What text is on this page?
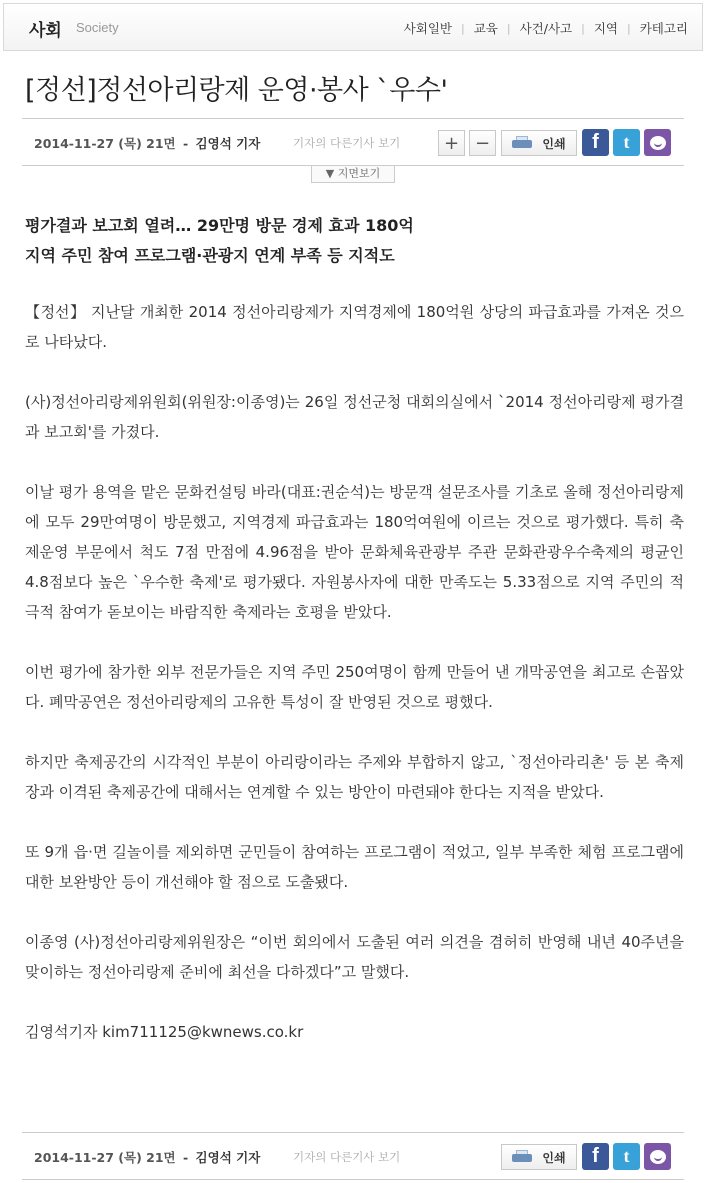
사회 Society	사회일반 | 교육 | 사건/사고 | 지역 | 카테고리
[정선]정선아리랑제 운영·봉사 `우수'
2014-11-27 (목) 21면 - 김영석 기자	기자의 다른기사 보기	+ −	인쇄	f	t
▼ 지면보기
평가결과 보고회 열려… 29만명 방문 경제 효과 180억
지역 주민 참여 프로그램·관광지 연계 부족 등 지적도

【정선】 지난달 개최한 2014 정선아리랑제가 지역경제에 180억원 상당의 파급효과를 가져온 것으로 나타났다.

(사)정선아리랑제위원회(위원장:이종영)는 26일 정선군청 대회의실에서 `2014 정선아리랑제 평가결과 보고회'를 가졌다.

이날 평가 용역을 맡은 문화컨설팅 바라(대표:권순석)는 방문객 설문조사를 기초로 올해 정선아리랑제에 모두 29만여명이 방문했고, 지역경제 파급효과는 180억여원에 이르는 것으로 평가했다. 특히 축제운영 부문에서 척도 7점 만점에 4.96점을 받아 문화체육관광부 주관 문화관광우수축제의 평균인 4.8점보다 높은 `우수한 축제'로 평가됐다. 자원봉사자에 대한 만족도는 5.33점으로 지역 주민의 적극적 참여가 돋보이는 바람직한 축제라는 호평을 받았다.

이번 평가에 참가한 외부 전문가들은 지역 주민 250여명이 함께 만들어 낸 개막공연을 최고로 손꼽았다. 폐막공연은 정선아리랑제의 고유한 특성이 잘 반영된 것으로 평했다.

하지만 축제공간의 시각적인 부분이 아리랑이라는 주제와 부합하지 않고, `정선아라리촌' 등 본 축제장과 이격된 축제공간에 대해서는 연계할 수 있는 방안이 마련돼야 한다는 지적을 받았다.

또 9개 읍·면 길놀이를 제외하면 군민들이 참여하는 프로그램이 적었고, 일부 부족한 체험 프로그램에 대한 보완방안 등이 개선해야 할 점으로 도출됐다.

이종영 (사)정선아리랑제위원장은 “이번 회의에서 도출된 여러 의견을 겸허히 반영해 내년 40주년을 맞이하는 정선아리랑제 준비에 최선을 다하겠다”고 말했다.

김영석기자 kim711125@kwnews.co.kr

2014-11-27 (목) 21면 - 김영석 기자	기자의 다른기사 보기	인쇄	f	t
